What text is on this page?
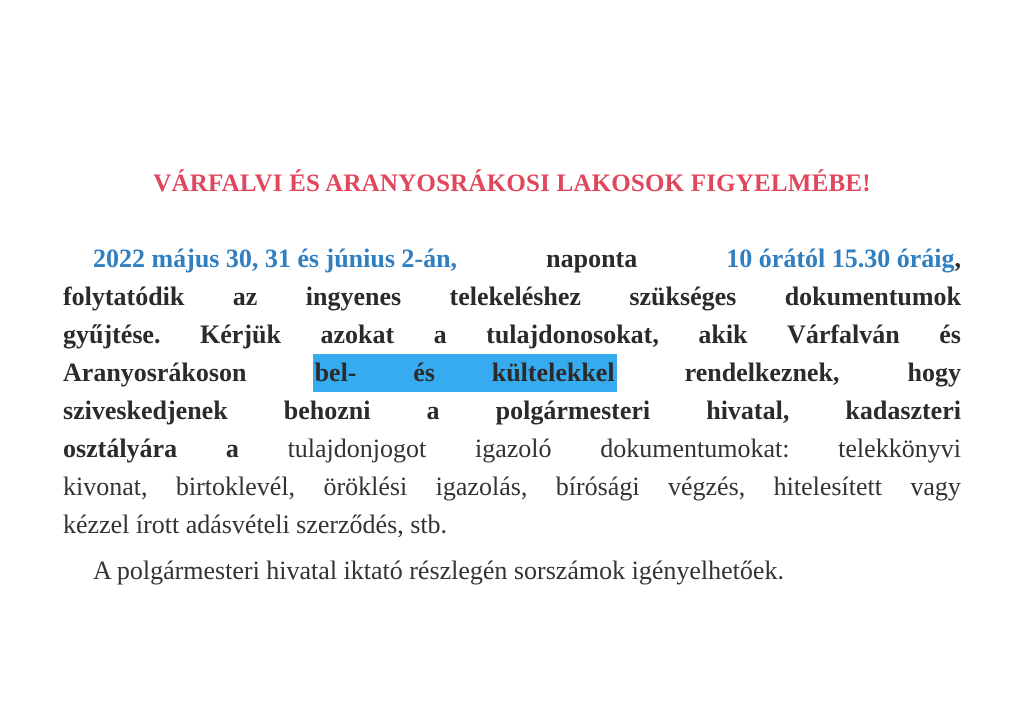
VÁRFALVI ÉS ARANYOSRÁKOSI LAKOSOK FIGYELMÉBE!
2022 május 30, 31 és június 2-án,	naponta	10 órától 15.30 óráig,
folytatódik az ingyenes telekeléshez szükséges dokumentumok
gyűjtése. Kérjük azokat a tulajdonosokat, akik Várfalván és
Aranyosrákoson	bel- és kültelekkel	rendelkeznek,	hogy
sziveskedjenek behozni a polgármesteri hivatal, kadaszteri
osztályára a tulajdonjogot igazoló dokumentumokat: telekkönyvi
kivonat, birtoklevél, öröklési igazolás, bírósági végzés, hitelesített vagy
kézzel írott adásvételi szerződés, stb.
A polgármesteri hivatal iktató részlegén sorszámok igényelhetőek.
